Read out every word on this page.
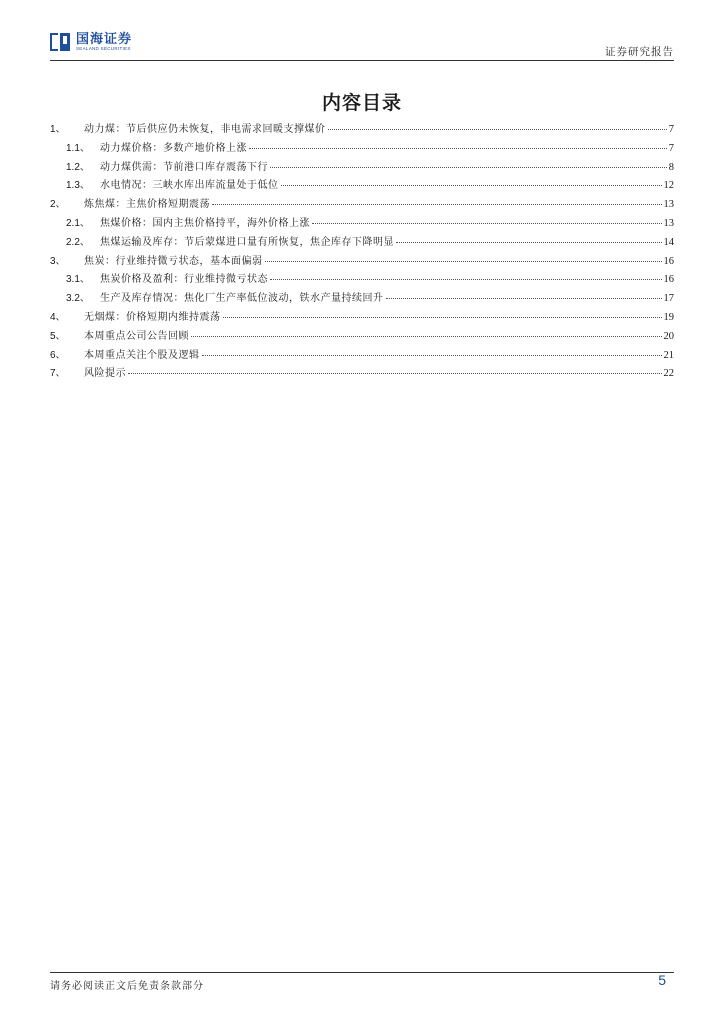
国海证券
SEALAND SECURITIES	证券研究报告
内容目录
1、	动力煤：节后供应仍未恢复，非电需求回暖支撑煤价	7
1.1、	动力煤价格：多数产地价格上涨	7
1.2、	动力煤供需：节前港口库存震荡下行	8
1.3、	水电情况：三峡水库出库流量处于低位	12
2、	炼焦煤：主焦价格短期震荡	13
2.1、	焦煤价格：国内主焦价格持平，海外价格上涨	13
2.2、	焦煤运输及库存：节后蒙煤进口量有所恢复，焦企库存下降明显	14
3、	焦炭：行业维持微亏状态，基本面偏弱	16
3.1、	焦炭价格及盈利：行业维持微亏状态	16
3.2、	生产及库存情况：焦化厂生产率低位波动，铁水产量持续回升	17
4、	无烟煤：价格短期内维持震荡	19
5、	本周重点公司公告回顾	20
6、	本周重点关注个股及逻辑	21
7、	风险提示	22
请务必阅读正文后免责条款部分	5
